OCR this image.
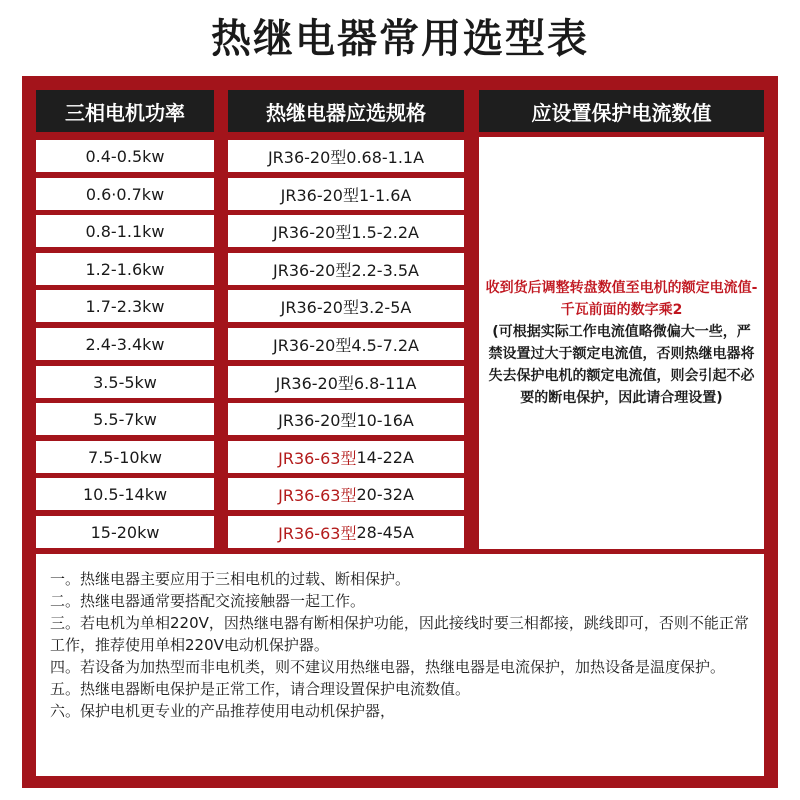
热继电器常用选型表
三相电机功率	热继电器应选规格	应设置保护电流数值
0.4-0.5kw	JR36-20型0.68-1.1A
0.6·0.7kw	JR36-20型1-1.6A
0.8-1.1kw	JR36-20型1.5-2.2A
1.2-1.6kw	JR36-20型2.2-3.5A
1.7-2.3kw	JR36-20型3.2-5A
2.4-3.4kw	JR36-20型4.5-7.2A
3.5-5kw	JR36-20型6.8-11A
5.5-7kw	JR36-20型10-16A
7.5-10kw	JR36-63型 14-22A
10.5-14kw	JR36-63型 20-32A
15-20kw	JR36-63型 28-45A
收到货后调整转盘数值至电机的额定电流值-千瓦前面的数字乘2
(可根据实际工作电流值略微偏大一些，严禁设置过大于额定电流值，否则热继电器将失去保护电机的额定电流值，则会引起不必要的断电保护，因此请合理设置)

一。热继电器主要应用于三相电机的过载、断相保护。

二。热继电器通常要搭配交流接触器一起工作。

三。若电机为单相220V，因热继电器有断相保护功能，因此接线时要三相都接，跳线即可，否则不能正常工作，推荐使用单相220V电动机保护器。

四。若设备为加热型而非电机类，则不建议用热继电器，热继电器是电流保护，加热设备是温度保护。

五。热继电器断电保护是正常工作，请合理设置保护电流数值。

六。保护电机更专业的产品推荐使用电动机保护器，
